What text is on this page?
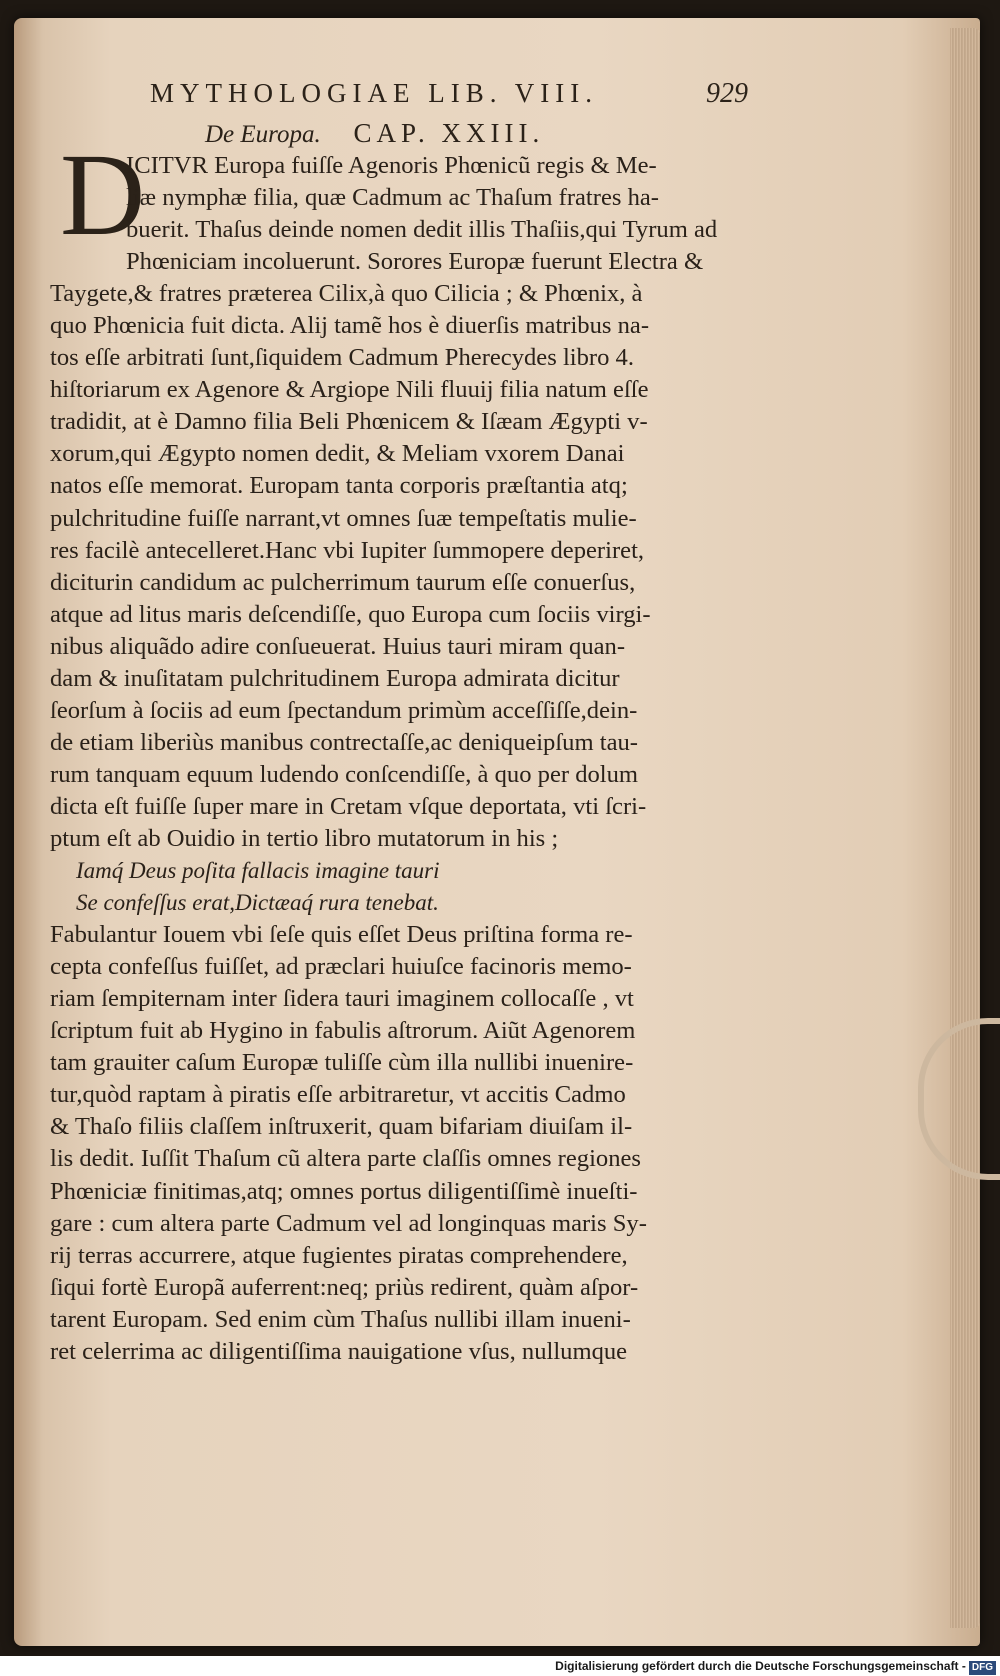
MYTHOLOGIAE LIB. VIII.	929
De Europa. CAP. XXIII.
D
ICITVR Europa fuiſſe Agenoris Phœnicũ regis & Me-
liæ nymphæ filia, quæ Cadmum ac Thaſum fratres ha-
buerit. Thaſus deinde nomen dedit illis Thaſiis,qui Tyrum ad
Phœniciam incoluerunt. Sorores Europæ fuerunt Electra &
Taygete,& fratres præterea Cilix,à quo Cilicia ; & Phœnix, à
quo Phœnicia fuit dicta. Alij tamẽ hos è diuerſis matribus na-
tos eſſe arbitrati ſunt,ſiquidem Cadmum Pherecydes libro 4.
hiſtoriarum ex Agenore & Argiope Nili fluuij filia natum eſſe
tradidit, at è Damno filia Beli Phœnicem & Iſæam Ægypti v-
xorum,qui Ægypto nomen dedit, & Meliam vxorem Danai
natos eſſe memorat. Europam tanta corporis præſtantia atq;
pulchritudine fuiſſe narrant,vt omnes ſuæ tempeſtatis mulie-
res facilè antecelleret.Hanc vbi Iupiter ſummopere deperiret,
diciturin candidum ac pulcherrimum taurum eſſe conuerſus,
atque ad litus maris deſcendiſſe, quo Europa cum ſociis virgi-
nibus aliquãdo adire conſueuerat. Huius tauri miram quan-
dam & inuſitatam pulchritudinem Europa admirata dicitur
ſeorſum à ſociis ad eum ſpectandum primùm acceſſiſſe,dein-
de etiam liberiùs manibus contrectaſſe,ac deniqueipſum tau-
rum tanquam equum ludendo conſcendiſſe, à quo per dolum
dicta eſt fuiſſe ſuper mare in Cretam vſque deportata, vti ſcri-
ptum eſt ab Ouidio in tertio libro mutatorum in his ;
Iamq́ Deus poſita fallacis imagine tauri
Se confeſſus erat,Dictæaq́ rura tenebat.
Fabulantur Iouem vbi ſeſe quis eſſet Deus priſtina forma re-
cepta confeſſus fuiſſet, ad præclari huiuſce facinoris memo-
riam ſempiternam inter ſidera tauri imaginem collocaſſe , vt
ſcriptum fuit ab Hygino in fabulis aſtrorum. Aiũt Agenorem
tam grauiter caſum Europæ tuliſſe cùm illa nullibi inuenire-
tur,quòd raptam à piratis eſſe arbitraretur, vt accitis Cadmo
& Thaſo filiis claſſem inſtruxerit, quam bifariam diuiſam il-
lis dedit. Iuſſit Thaſum cũ altera parte claſſis omnes regiones
Phœniciæ finitimas,atq; omnes portus diligentiſſimè inueſti-
gare : cum altera parte Cadmum vel ad longinquas maris Sy-
rij terras accurrere, atque fugientes piratas comprehendere,
ſiqui fortè Europã auferrent:neq; priùs redirent, quàm aſpor-
tarent Europam. Sed enim cùm Thaſus nullibi illam inueni-
ret celerrima ac diligentiſſima nauigatione vſus, nullumque
Digitalisierung gefördert durch die Deutsche Forschungsgemeinschaft - DFG
